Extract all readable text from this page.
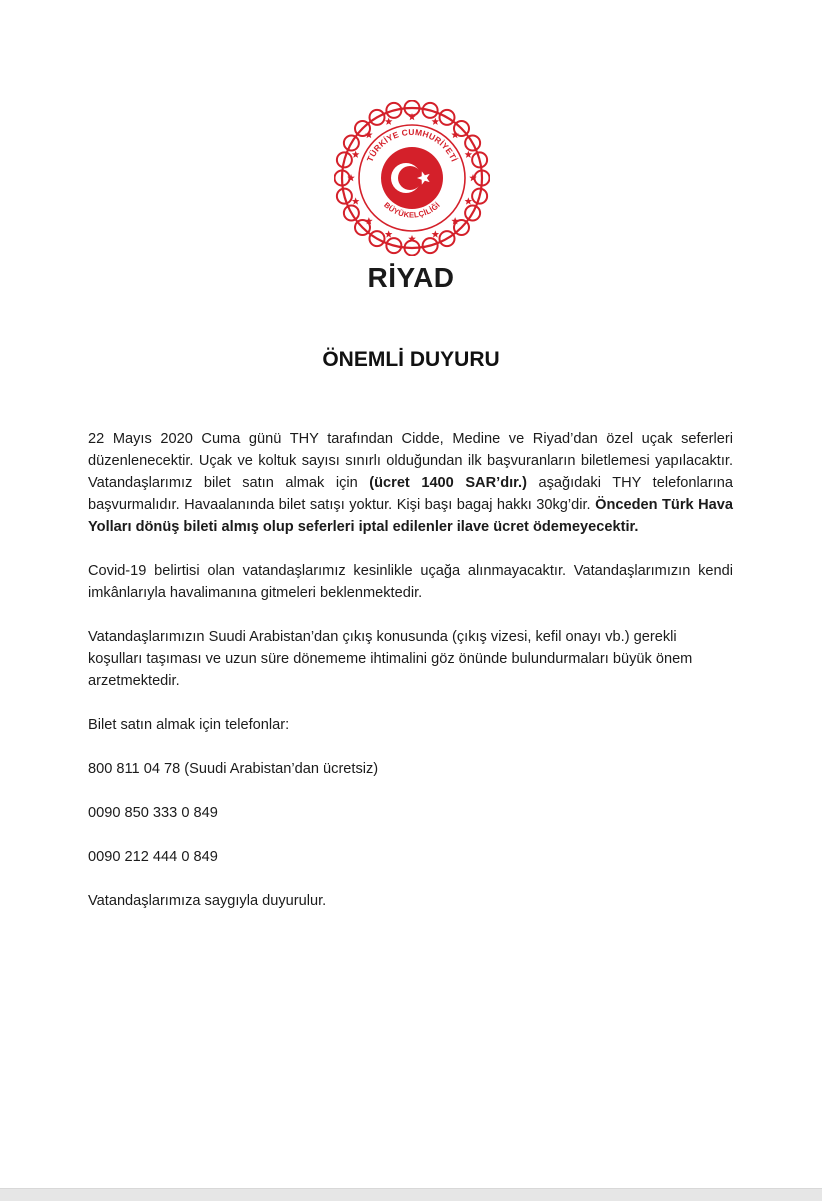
TÜRKİYE CUMHURİYETİ
BÜYÜKELÇİLİĞİ
RİYAD
ÖNEMLİ DUYURU

22 Mayıs 2020 Cuma günü THY tarafından Cidde, Medine ve Riyad’dan özel uçak seferleri düzenlenecektir. Uçak ve koltuk sayısı sınırlı olduğundan ilk başvuranların biletlemesi yapılacaktır. Vatandaşlarımız bilet satın almak için (ücret 1400 SAR’dır.) aşağıdaki THY telefonlarına başvurmalıdır. Havaalanında bilet satışı yoktur. Kişi başı bagaj hakkı 30kg’dir. Önceden Türk Hava Yolları dönüş bileti almış olup seferleri iptal edilenler ilave ücret ödemeyecektir.

Covid-19 belirtisi olan vatandaşlarımız kesinlikle uçağa alınmayacaktır. Vatandaşlarımızın kendi imkânlarıyla havalimanına gitmeleri beklenmektedir.

Vatandaşlarımızın Suudi Arabistan’dan çıkış konusunda (çıkış vizesi, kefil onayı vb.) gerekli koşulları taşıması ve uzun süre dönememe ihtimalini göz önünde bulundurmaları büyük önem arzetmektedir.

Bilet satın almak için telefonlar:

800 811 04 78 (Suudi Arabistan’dan ücretsiz)

0090 850 333 0 849

0090 212 444 0 849

Vatandaşlarımıza saygıyla duyurulur.
